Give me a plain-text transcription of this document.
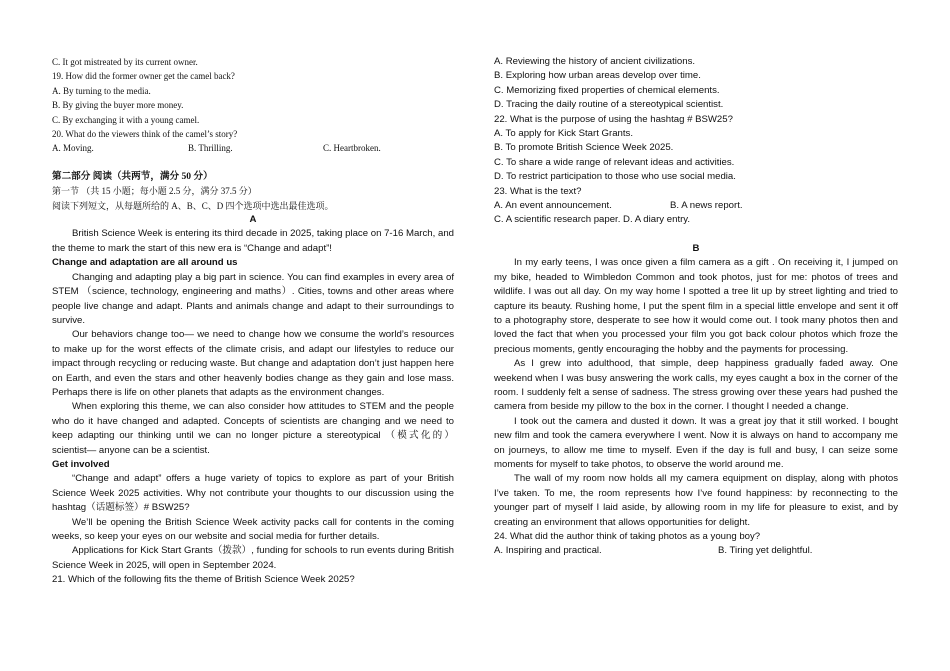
C. It got mistreated by its current owner.
19. How did the former owner get the camel back?
A. By turning to the media.
B. By giving the buyer more money.
C. By exchanging it with a young camel.
20. What do the viewers think of the camel’s story?
A. Moving.	B. Thrilling.	C. Heartbroken.
第二部分 阅读（共两节，满分 50 分）
第一节 （共 15 小题；每小题 2.5 分，满分 37.5 分）
阅读下列短文，从每题所给的 A、B、C、D 四个选项中选出最佳选项。
A

British Science Week is entering its third decade in 2025, taking place on 7-16 March, and the theme to mark the start of this new era is “Change and adapt”!

Change and adaptation are all around us

Changing and adapting play a big part in science. You can find examples in every area of STEM （science, technology, engineering and maths）. Cities, towns and other areas where people live change and adapt. Plants and animals change and adapt to their surroundings to survive.

Our behaviors change too— we need to change how we consume the world’s resources to make up for the worst effects of the climate crisis, and adapt our lifestyles to reduce our impact through recycling or reducing waste. But change and adaptation don’t just happen here on Earth, and even the stars and other heavenly bodies change as they gain and lose mass. Perhaps there is life on other planets that adapts as the environment changes.

When exploring this theme, we can also consider how attitudes to STEM and the people who do it have changed and adapted. Concepts of scientists are changing and we need to keep adapting our thinking until we can no longer picture a stereotypical （模式化的） scientist— anyone can be a scientist.

Get involved

“Change and adapt” offers a huge variety of topics to explore as part of your British Science Week 2025 activities. Why not contribute your thoughts to our discussion using the hashtag（话题标签）# BSW25?

We’ll be opening the British Science Week activity packs call for contents in the coming weeks, so keep your eyes on our website and social media for further details.

Applications for Kick Start Grants（拨款）, funding for schools to run events during British Science Week in 2025, will open in September 2024.

21. Which of the following fits the theme of British Science Week 2025?
A. Reviewing the history of ancient civilizations.
B. Exploring how urban areas develop over time.
C. Memorizing fixed properties of chemical elements.
D. Tracing the daily routine of a stereotypical scientist.
22. What is the purpose of using the hashtag # BSW25?
A. To apply for Kick Start Grants.
B. To promote British Science Week 2025.
C. To share a wide range of relevant ideas and activities.
D. To restrict participation to those who use social media.
23. What is the text?
A. An event announcement.	B. A news report.
C. A scientific research paper. D. A diary entry.
B

In my early teens, I was once given a film camera as a gift . On receiving it, I jumped on my bike, headed to Wimbledon Common and took photos, just for me: photos of trees and wildlife. I was out all day. On my way home I spotted a tree lit up by street lighting and tried to capture its beauty. Rushing home, I put the spent film in a special little envelope and sent it off to a photography store, desperate to see how it would come out. I took many photos then and loved the fact that when you processed your film you got back colour photos which froze the precious moments, gently encouraging the hobby and the payments for processing.

As I grew into adulthood, that simple, deep happiness gradually faded away. One weekend when I was busy answering the work calls, my eyes caught a box in the corner of the room. I suddenly felt a sense of sadness. The stress growing over these years had pushed the camera from beside my pillow to the box in the corner. I thought I needed a change.

I took out the camera and dusted it down. It was a great joy that it still worked. I bought new film and took the camera everywhere I went. Now it is always on hand to accompany me on journeys, to allow me time to myself. Even if the day is full and busy, I can seize some moments for myself to take photos, to observe the world around me.

The wall of my room now holds all my camera equipment on display, along with photos I’ve taken. To me, the room represents how I’ve found happiness: by reconnecting to the younger part of myself I laid aside, by allowing room in my life for pleasure to exist, and by creating an environment that allows opportunities for delight.

24. What did the author think of taking photos as a young boy?
A. Inspiring and practical.	B. Tiring yet delightful.
